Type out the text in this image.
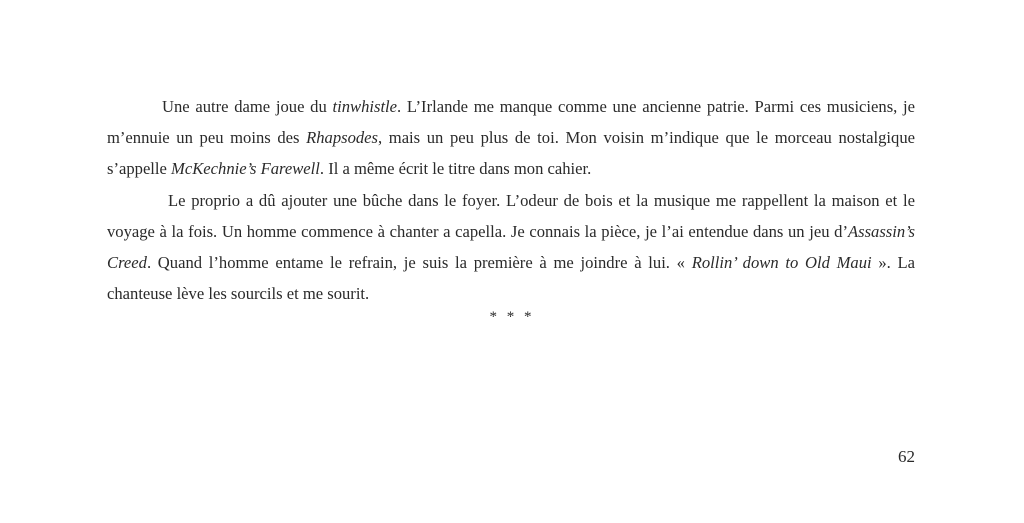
Une autre dame joue du tinwhistle. L’Irlande me manque comme une ancienne patrie. Parmi ces musiciens, je m’ennuie un peu moins des Rhapsodes, mais un peu plus de toi. Mon voisin m’indique que le morceau nostalgique s’appelle McKechnie’s Farewell. Il a même écrit le titre dans mon cahier.

Le proprio a dû ajouter une bûche dans le foyer. L’odeur de bois et la musique me rappellent la maison et le voyage à la fois. Un homme commence à chanter a capella. Je connais la pièce, je l’ai entendue dans un jeu d’Assassin’s Creed. Quand l’homme entame le refrain, je suis la première à me joindre à lui. « Rollin’ down to Old Maui ». La chanteuse lève les sourcils et me sourit.

* * *
62
